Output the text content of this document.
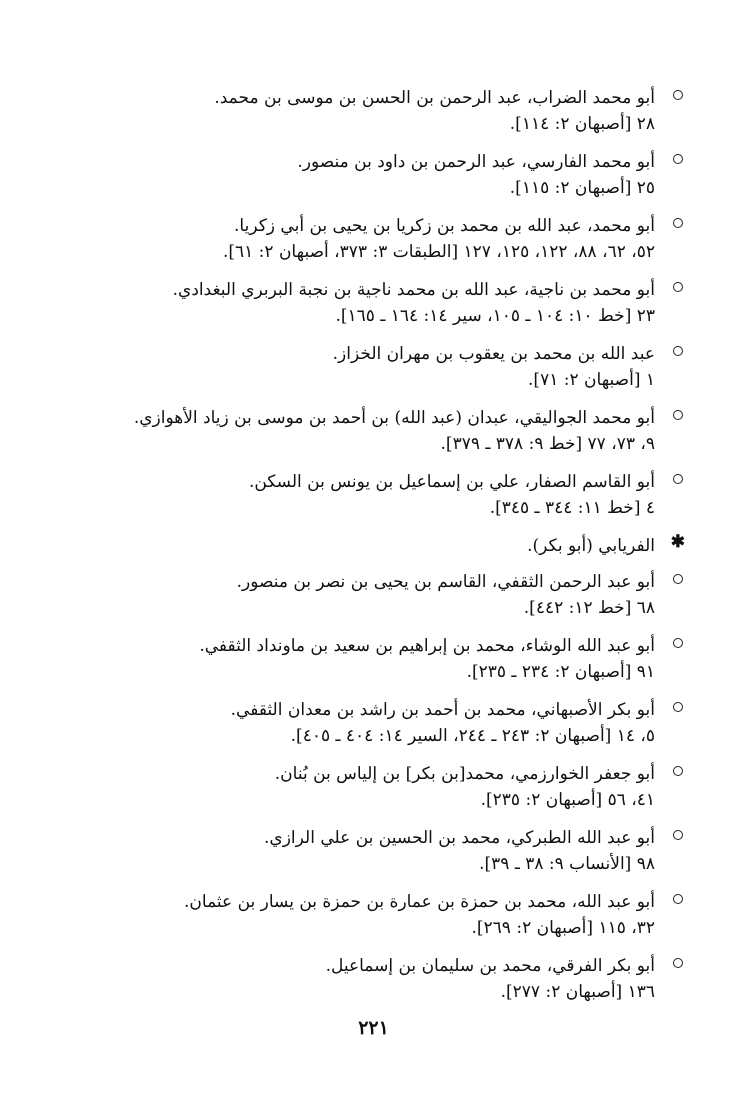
أبو محمد الضراب، عبد الرحمن بن الحسن بن موسى بن محمد.
٢٨ [أصبهان ٢: ١١٤].
أبو محمد الفارسي، عبد الرحمن بن داود بن منصور.
٢٥ [أصبهان ٢: ١١٥].
أبو محمد، عبد الله بن محمد بن زكريا بن يحيى بن أبي زكريا.
٥٢، ٦٢، ٨٨، ١٢٢، ١٢٥، ١٢٧ [الطبقات ٣: ٣٧٣، أصبهان ٢: ٦١].
أبو محمد بن ناجية، عبد الله بن محمد ناجية بن نجبة البربري البغدادي.
٢٣ [خط ١٠: ١٠٤ ـ ١٠٥، سير ١٤: ١٦٤ ـ ١٦٥].
عبد الله بن محمد بن يعقوب بن مهران الخزاز.
١ [أصبهان ٢: ٧١].
أبو محمد الجواليقي، عبدان (عبد الله) بن أحمد بن موسى بن زياد الأهوازي.
٩، ٧٣، ٧٧ [خط ٩: ٣٧٨ ـ ٣٧٩].
أبو القاسم الصفار، علي بن إسماعيل بن يونس بن السكن.
٤ [خط ١١: ٣٤٤ ـ ٣٤٥].
✱
الفريابي (أبو بكر).
أبو عبد الرحمن الثقفي، القاسم بن يحيى بن نصر بن منصور.
٦٨ [خط ١٢: ٤٤٢].
أبو عبد الله الوشاء، محمد بن إبراهيم بن سعيد بن ماونداد الثقفي.
٩١ [أصبهان ٢: ٢٣٤ ـ ٢٣٥].
أبو بكر الأصبهاني، محمد بن أحمد بن راشد بن معدان الثقفي.
٥، ١٤ [أصبهان ٢: ٢٤٣ ـ ٢٤٤، السير ١٤: ٤٠٤ ـ ٤٠٥].
أبو جعفر الخوارزمي، محمد[بن بكر] بن إلياس بن بُنان.
٤١، ٥٦ [أصبهان ٢: ٢٣٥].
أبو عبد الله الطبركي، محمد بن الحسين بن علي الرازي.
٩٨ [الأنساب ٩: ٣٨ ـ ٣٩].
أبو عبد الله، محمد بن حمزة بن عمارة بن حمزة بن يسار بن عثمان.
٣٢، ١١٥ [أصبهان ٢: ٢٦٩].
أبو بكر الفرقي، محمد بن سليمان بن إسماعيل.
١٣٦ [أصبهان ٢: ٢٧٧].
٢٢١
